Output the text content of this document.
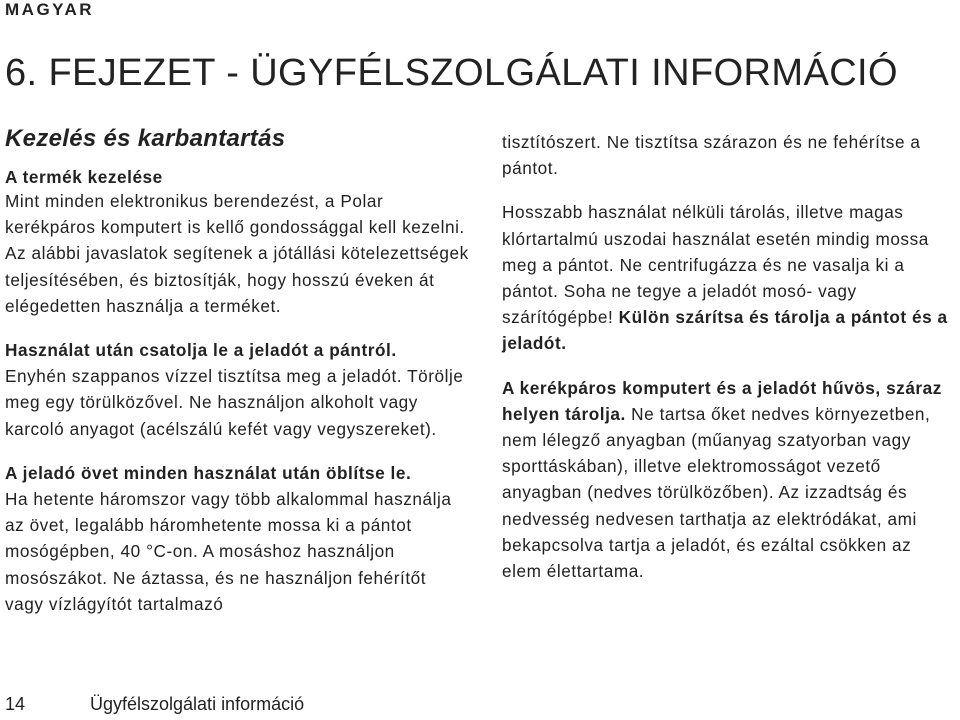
MAGYAR
6. FEJEZET - ÜGYFÉLSZOLGÁLATI INFORMÁCIÓ
Kezelés és karbantartás
A termék kezelése

Mint minden elektronikus berendezést, a Polar kerékpáros komputert is kellő gondossággal kell kezelni. Az alábbi javaslatok segítenek a jótállási kötelezettségek teljesítésében, és biztosítják, hogy hosszú éveken át elégedetten használja a terméket.

Használat után csatolja le a jeladót a pántról.

Enyhén szappanos vízzel tisztítsa meg a jeladót. Törölje meg egy törülközővel. Ne használjon alkoholt vagy karcoló anyagot (acélszálú kefét vagy vegyszereket).

A jeladó övet minden használat után öblítse le.

Ha hetente háromszor vagy több alkalommal használja az övet, legalább háromhetente mossa ki a pántot mosógépben, 40 °C-on. A mosáshoz használjon mosószákot. Ne áztassa, és ne használjon fehérítőt vagy vízlágyítót tartalmazó

tisztítószert. Ne tisztítsa szárazon és ne fehérítse a pántot.

Hosszabb használat nélküli tárolás, illetve magas klórtartalmú uszodai használat esetén mindig mossa meg a pántot. Ne centrifugázza és ne vasalja ki a pántot. Soha ne tegye a jeladót mosó- vagy szárítógépbe! Külön szárítsa és tárolja a pántot és a jeladót.

A kerékpáros komputert és a jeladót hűvös, száraz helyen tárolja. Ne tartsa őket nedves környezetben, nem lélegző anyagban (műanyag szatyorban vagy sporttáskában), illetve elektromosságot vezető anyagban (nedves törülközőben). Az izzadtság és nedvesség nedvesen tarthatja az elektródákat, ami bekapcsolva tartja a jeladót, és ezáltal csökken az elem élettartama.

14	Ügyfélszolgálati információ
